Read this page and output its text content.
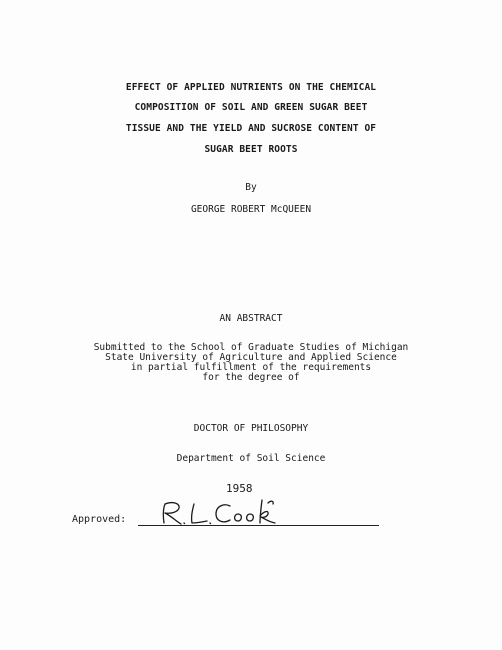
EFFECT OF APPLIED NUTRIENTS ON THE CHEMICAL
COMPOSITION OF SOIL AND GREEN SUGAR BEET
TISSUE AND THE YIELD AND SUCROSE CONTENT OF
SUGAR BEET ROOTS
By
GEORGE ROBERT McQUEEN
AN ABSTRACT
Submitted to the School of Graduate Studies of Michigan
State University of Agriculture and Applied Science
in partial fulfillment of the requirements
for the degree of
DOCTOR OF PHILOSOPHY
Department of Soil Science
1958
Approved:
